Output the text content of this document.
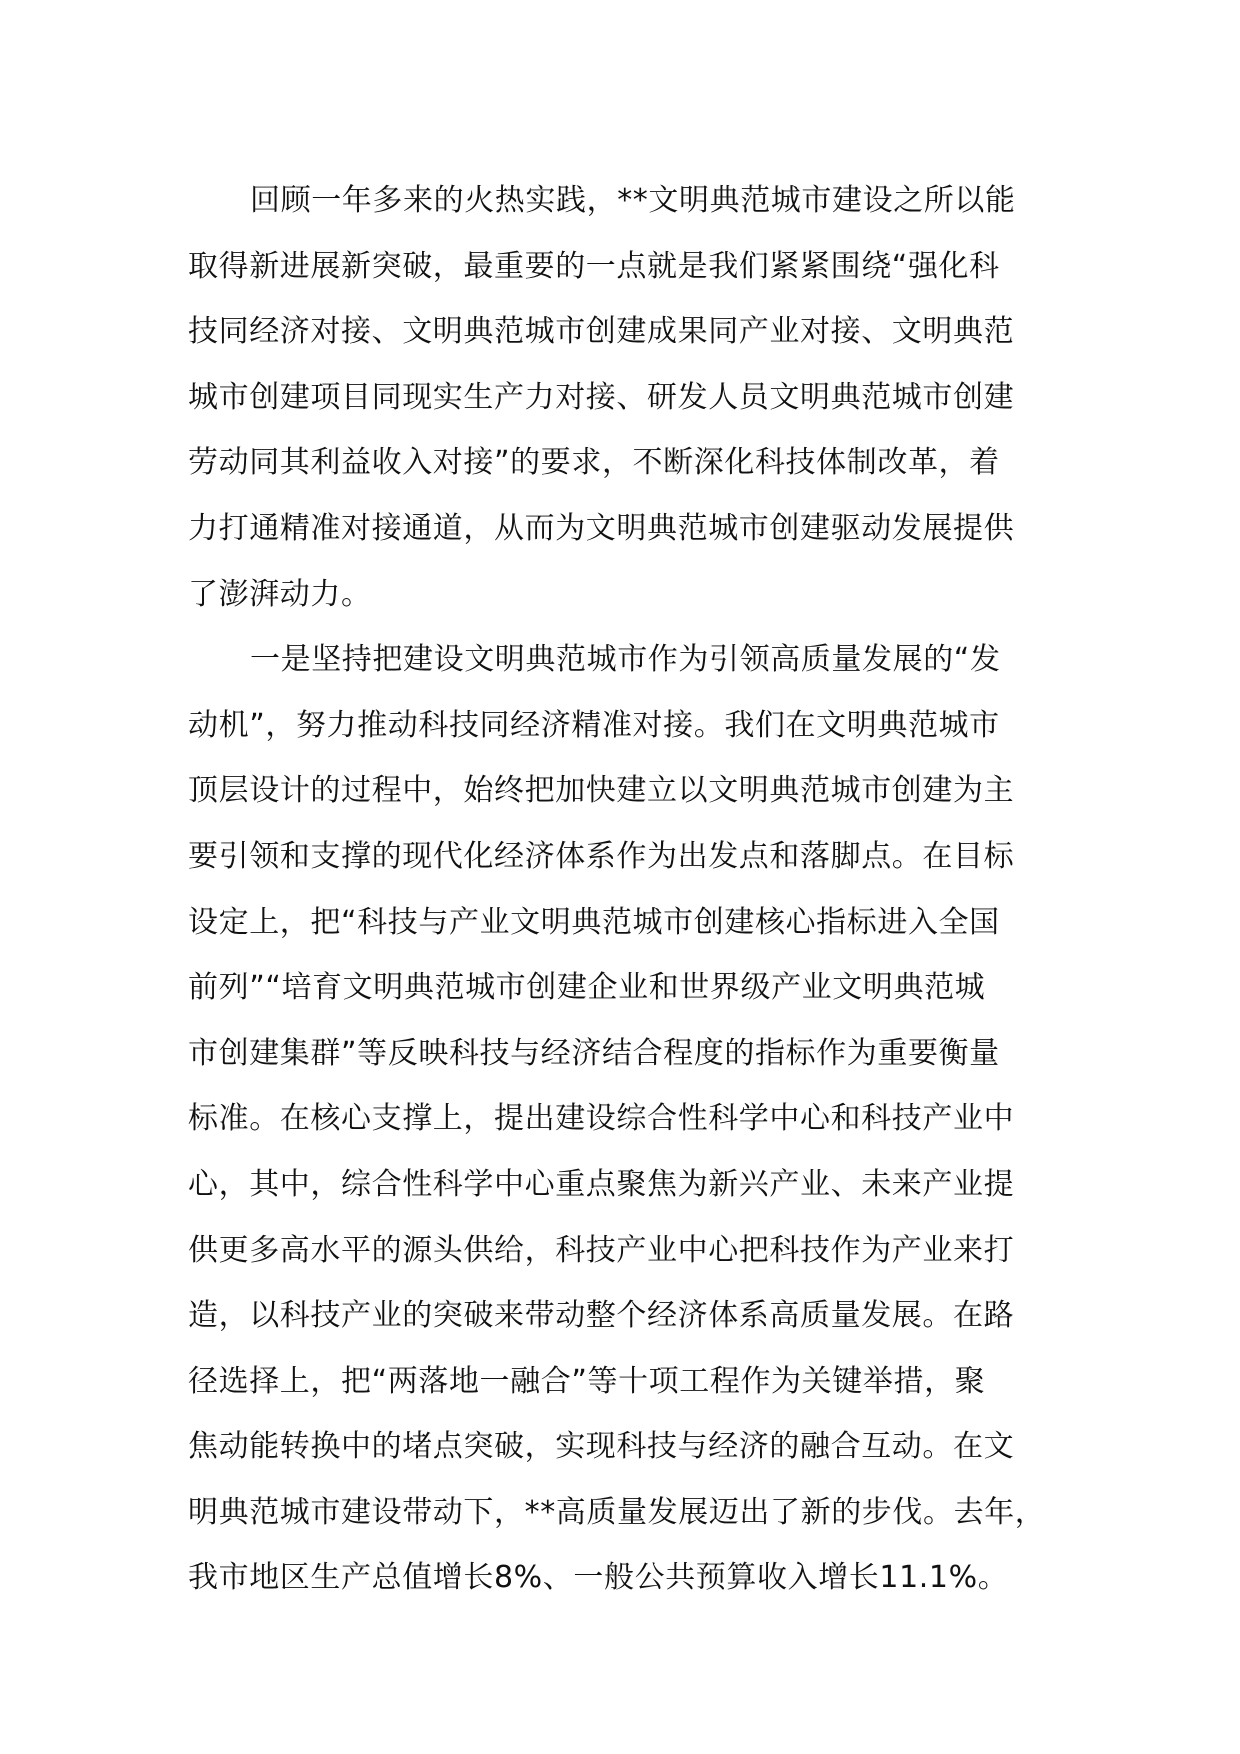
回顾一年多来的火热实践，**文明典范城市建设之所以能
取得新进展新突破，最重要的一点就是我们紧紧围绕“强化科
技同经济对接、文明典范城市创建成果同产业对接、文明典范
城市创建项目同现实生产力对接、研发人员文明典范城市创建
劳动同其利益收入对接”的要求，不断深化科技体制改革，着
力打通精准对接通道，从而为文明典范城市创建驱动发展提供
了澎湃动力。
一是坚持把建设文明典范城市作为引领高质量发展的“发
动机”，努力推动科技同经济精准对接。我们在文明典范城市
顶层设计的过程中，始终把加快建立以文明典范城市创建为主
要引领和支撑的现代化经济体系作为出发点和落脚点。在目标
设定上，把“科技与产业文明典范城市创建核心指标进入全国
前列”“培育文明典范城市创建企业和世界级产业文明典范城
市创建集群”等反映科技与经济结合程度的指标作为重要衡量
标准。在核心支撑上，提出建设综合性科学中心和科技产业中
心，其中，综合性科学中心重点聚焦为新兴产业、未来产业提
供更多高水平的源头供给，科技产业中心把科技作为产业来打
造，以科技产业的突破来带动整个经济体系高质量发展。在路
径选择上，把“两落地一融合”等十项工程作为关键举措，聚
焦动能转换中的堵点突破，实现科技与经济的融合互动。在文
明典范城市建设带动下，**高质量发展迈出了新的步伐。去年，
我市地区生产总值增长8%、一般公共预算收入增长11.1%。
